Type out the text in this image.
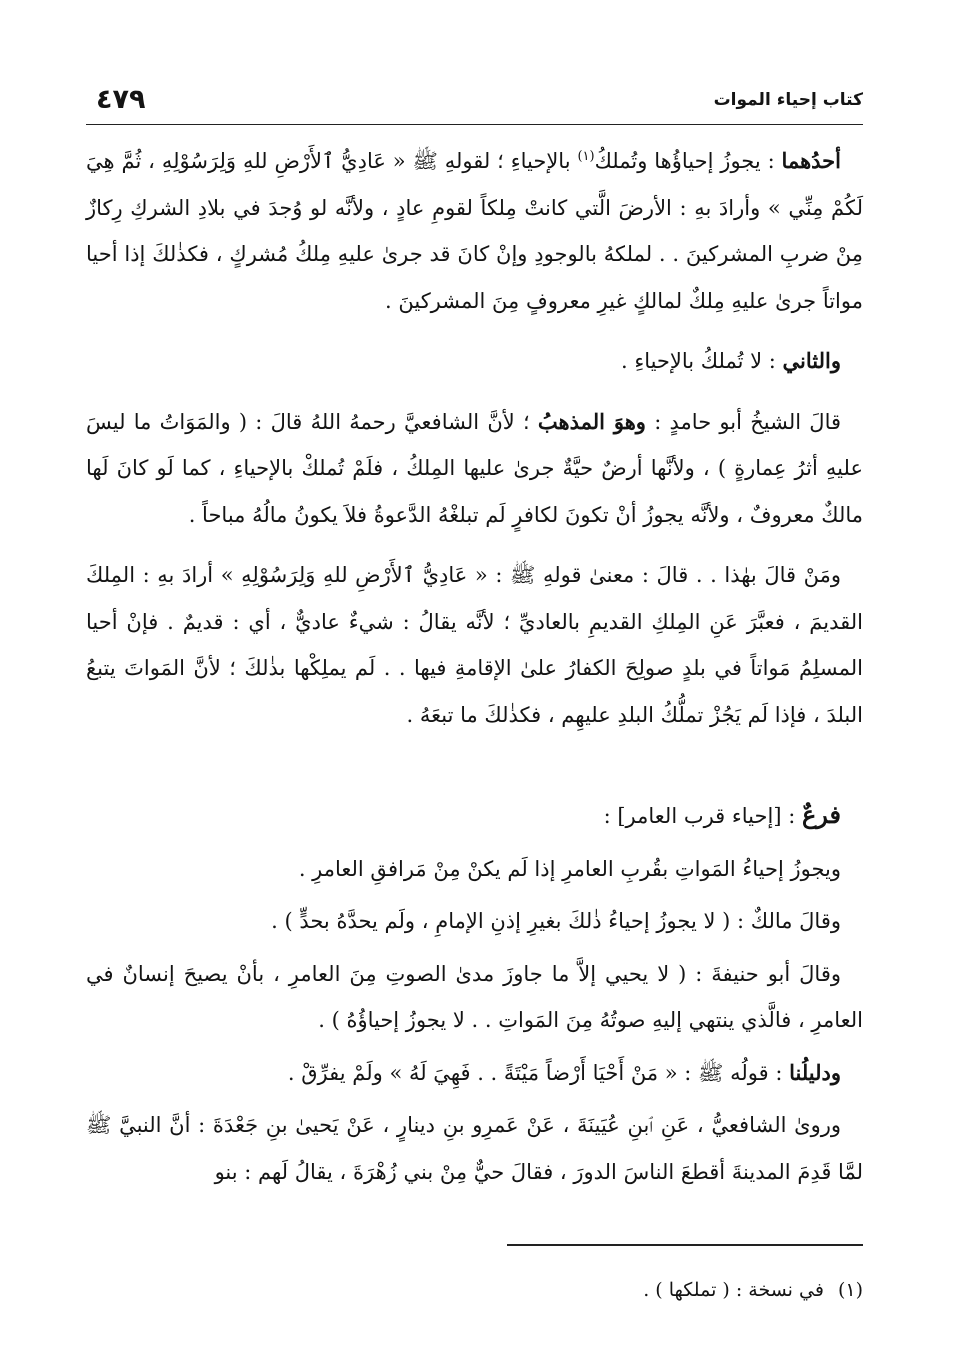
كتاب إحياء الموات
٤٧٩

أحدُهما : يجوزُ إحياؤُها وتُملكُ$^{(١)}$ بالإحياءِ ؛ لقولهِ ﷺ « عَادِيُّ ٱلأَرْضِ للهِ وَلِرَسُوْلِهِ ، ثُمَّ هِيَ لَكُمْ مِنِّي » وأرادَ بهِ : الأرضَ الَّتي كانتْ مِلكاً لقومِ عادٍ ، ولأنَّه لو وُجدَ في بلادِ الشركِ رِكازٌ مِنْ ضربِ المشركينَ . . لملكهُ بالوجودِ وإنْ كانَ قد جرىٰ عليهِ مِلكُ مُشركٍ ، فكذٰلكَ إذا أحيا مواتاً جرىٰ عليهِ مِلكٌ لمالكٍ غيرِ معروفٍ مِنَ المشركينَ .

والثاني : لا تُملكُ بالإحياءِ .

قالَ الشيخُ أبو حامدٍ : وهوَ المذهبُ ؛ لأنَّ الشافعيَّ رحمهُ اللهُ قالَ : ( والمَوَاتُ ما ليسَ عليهِ أثرُ عِمارةٍ ) ، ولأنَّها أرضٌ حيَّةٌ جرىٰ عليها المِلكُ ، فلَمْ تُملكْ بالإحياءِ ، كما لَو كانَ لَها مالكٌ معروفٌ ، ولأنَّه يجوزُ أنْ تكونَ لكافرٍ لَم تبلغْهُ الدَّعوةُ فلاَ يكونُ مالُهُ مباحاً .

ومَنْ قالَ بهٰذا . . قالَ : معنىٰ قولهِ ﷺ : « عَادِيُّ ٱلأَرْضِ للهِ وَلِرَسُوْلِهِ » أرادَ بهِ : المِلكَ القديمَ ، فعبَّرَ عَنِ المِلكِ القديمِ بالعاديِّ ؛ لأنَّه يقالُ : شيءٌ عاديٌّ ، أي : قديمٌ . فإنْ أحيا المسلِمُ مَواتاً في بلدٍ صولِحَ الكفارُ علىٰ الإقامةِ فيها . . لَم يملِكْها بذٰلكَ ؛ لأنَّ المَواتَ يتبعُ البلدَ ، فإذا لَم يَجُزْ تملُّكُ البلدِ عليهِم ، فكذٰلكَ ما تبعَهُ .

فرعٌ : [إحياء قرب العامر] :

ويجوزُ إحياءُ المَواتِ بقُربِ العامرِ إذا لَم يكنْ مِنْ مَرافقِ العامرِ .

وقالَ مالكٌ : ( لا يجوزُ إحياءُ ذٰلكَ بغيرِ إذنِ الإمامِ ، ولَم يحدَّهُ بحدٍّ ) .

وقالَ أبو حنيفةَ : ( لا يحيي إلاَّ ما جاوزَ مدىٰ الصوتِ مِنَ العامرِ ، بأنْ يصيحَ إنسانٌ في العامرِ ، فالَّذي ينتهي إليهِ صوتُهُ مِنَ المَواتِ . . لا يجوزُ إحياؤُهُ ) .

ودليلُنا : قولُه ﷺ : « مَنْ أَحْيَا أَرْضاً مَيْتَةً . . فَهِيَ لَهُ » ولَمْ يفرِّقْ .

وروىٰ الشافعيُّ ، عَنِ ٱبنِ عُيَينَةَ ، عَنْ عَمرِو بنِ دينارٍ ، عَنْ يَحيىٰ بنِ جَعْدَةَ : أنَّ النبيَّ ﷺ لمَّا قَدِمَ المدينةَ أقطعَ الناسَ الدورَ ، فقالَ حيٌّ مِنْ بني زُهْرَةَ ، يقالُ لَهم : بنو

(١)في نسخة : ( تملكها ) .
